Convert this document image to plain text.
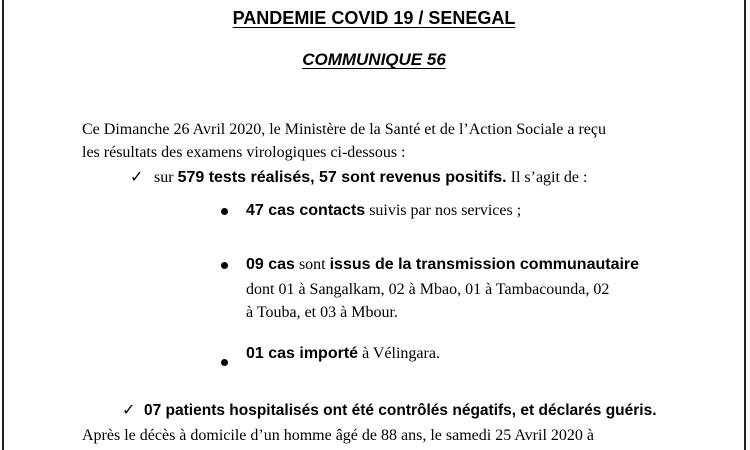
PANDEMIE COVID 19 / SENEGAL
COMMUNIQUE 56
Ce Dimanche 26 Avril 2020, le Ministère de la Santé et de l’Action Sociale a reçu
les résultats des examens virologiques ci-dessous :
✓ sur 579 tests réalisés, 57 sont revenus positifs. Il s’agit de :
47 cas contacts suivis par nos services ;
09 cas sont issus de la transmission communautaire
dont 01 à Sangalkam, 02 à Mbao, 01 à Tambacounda, 02
à Touba, et 03 à Mbour.
01 cas importé à Vélingara.
✓ 07 patients hospitalisés ont été contrôlés négatifs, et déclarés guéris.
Après le décès à domicile d’un homme âgé de 88 ans, le samedi 25 Avril 2020 à
